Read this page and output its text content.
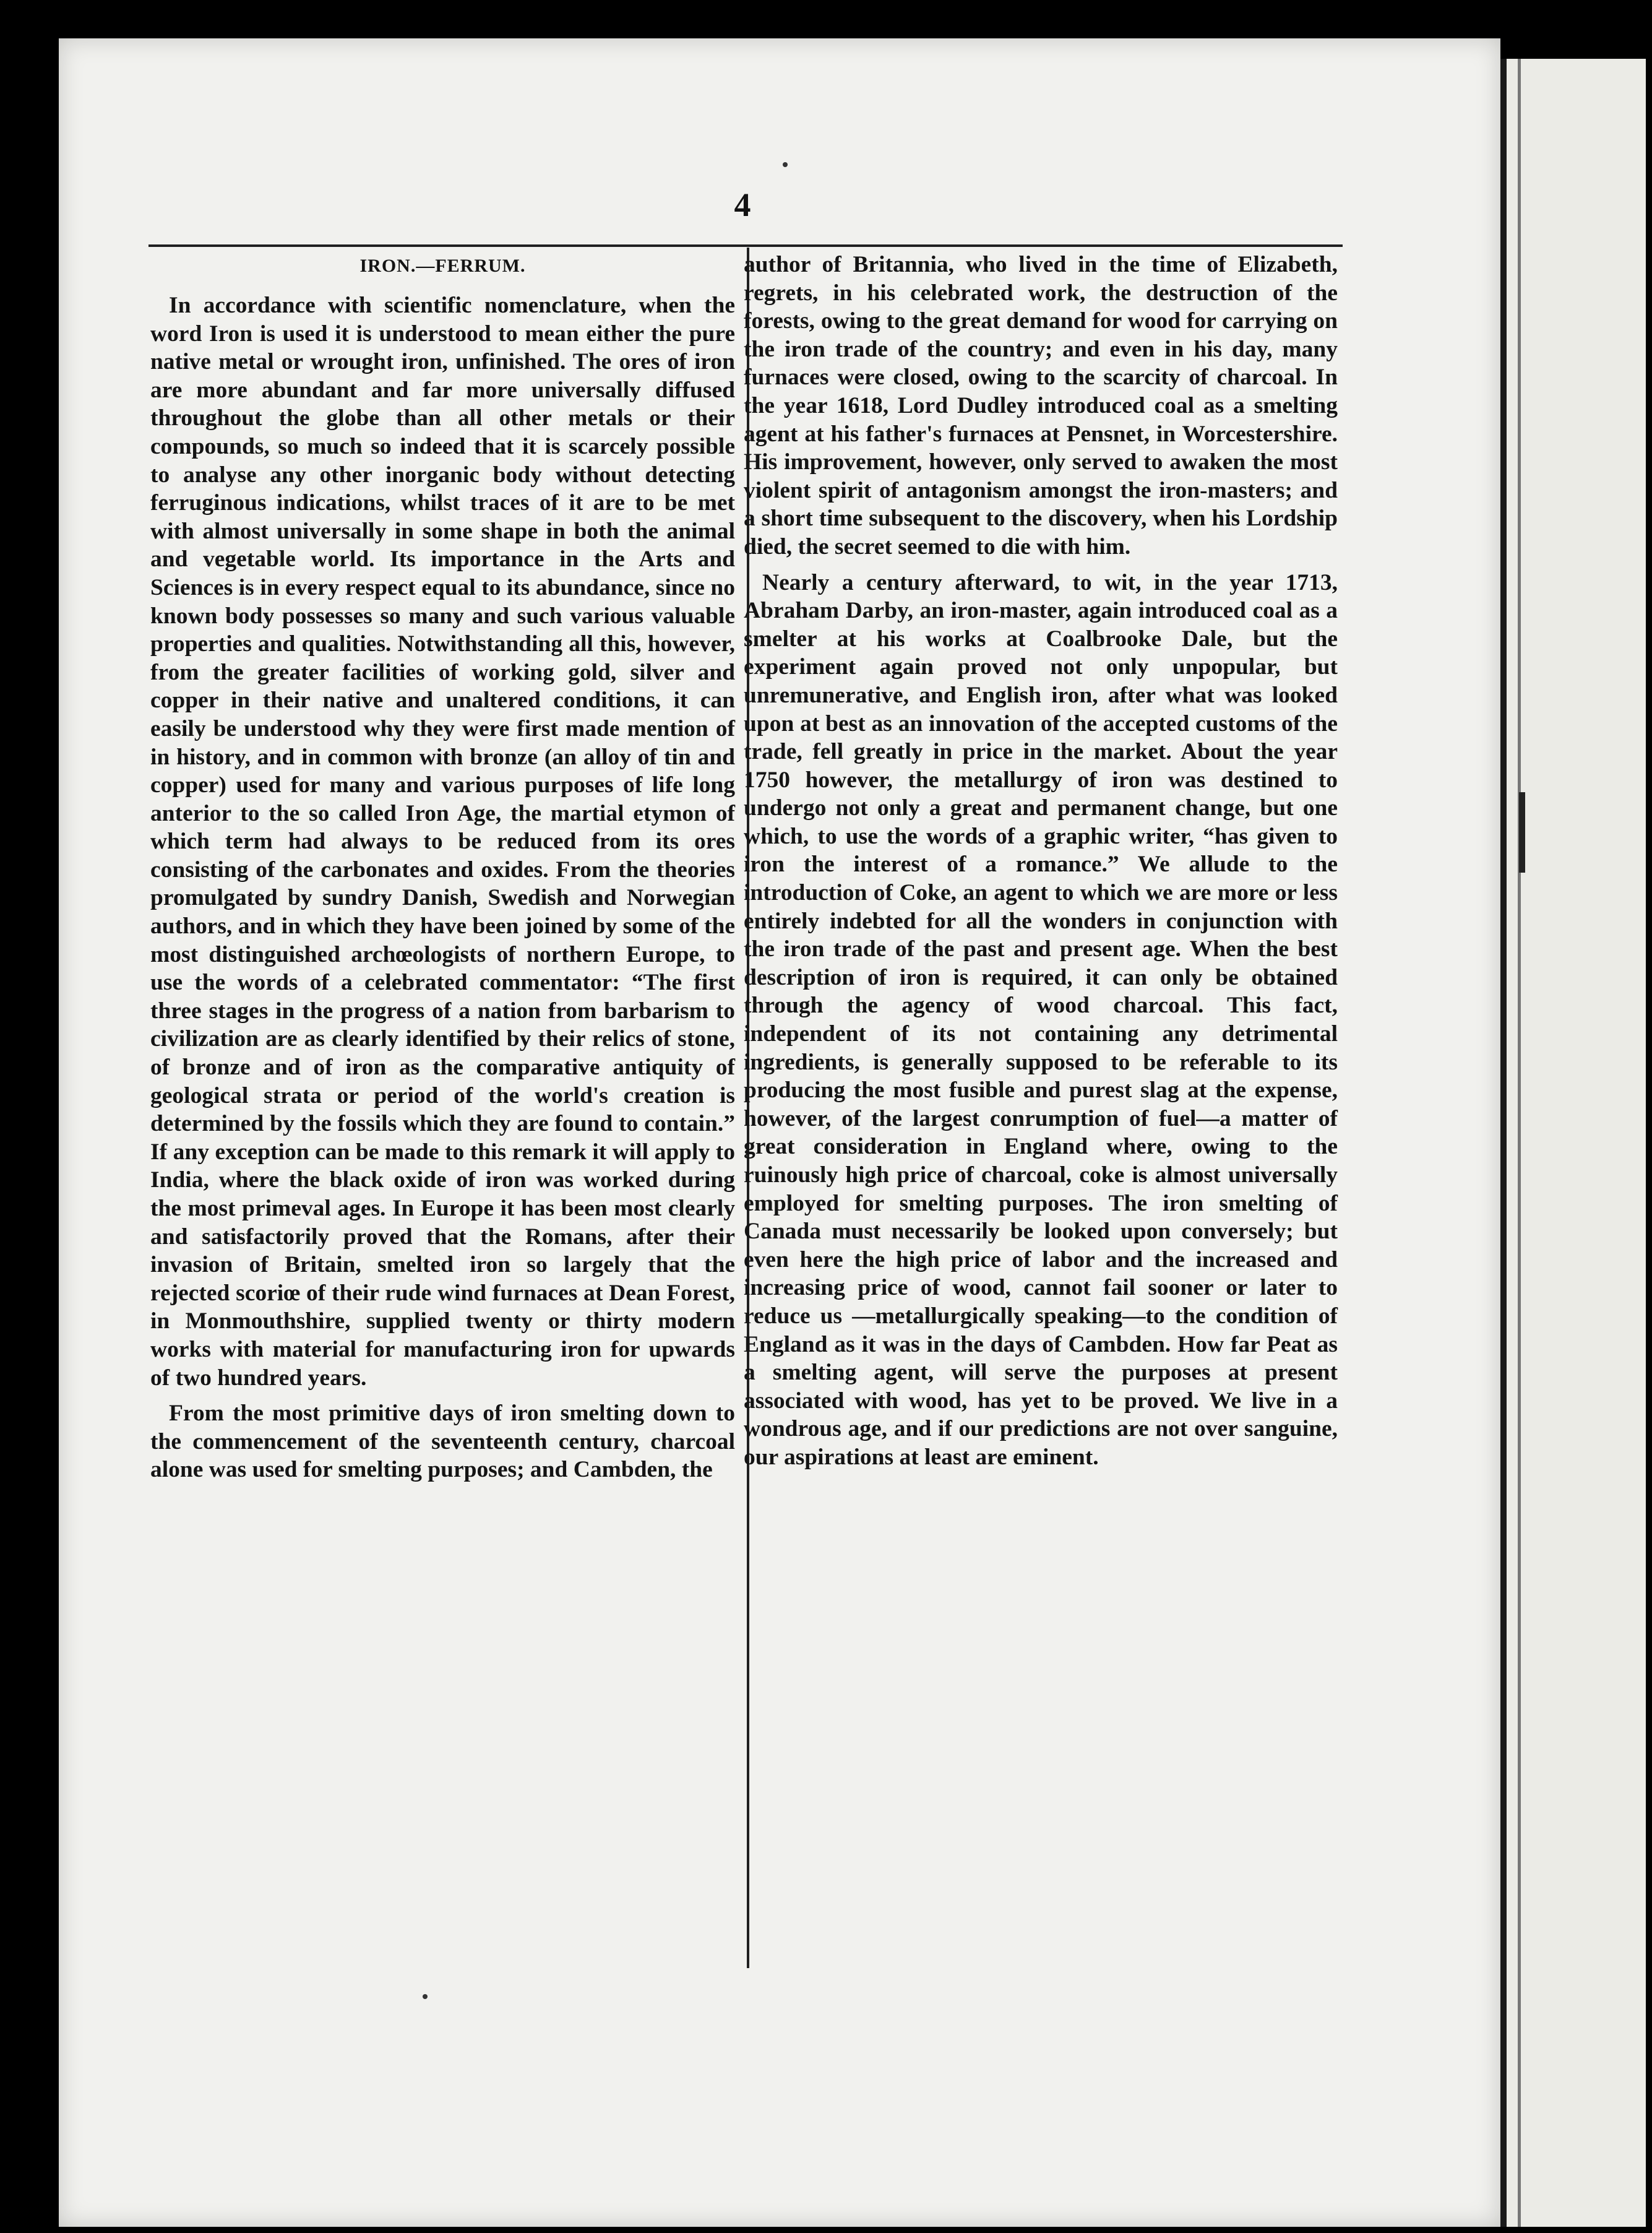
4
IRON.—FERRUM.

In accordance with scientific nomenclature, when the word Iron is used it is understood to mean either the pure native metal or wrought iron, unfinished. The ores of iron are more abundant and far more universally diffused throughout the globe than all other metals or their compounds, so much so indeed that it is scarcely possible to analyse any other inorganic body without detecting ferruginous indications, whilst traces of it are to be met with almost universally in some shape in both the animal and vegetable world. Its importance in the Arts and Sciences is in every respect equal to its abundance, since no known body possesses so many and such various valuable properties and qualities. Notwithstanding all this, however, from the greater facilities of working gold, silver and copper in their native and unaltered conditions, it can easily be understood why they were first made mention of in history, and in common with bronze (an alloy of tin and copper) used for many and various purposes of life long anterior to the so called Iron Age, the martial etymon of which term had always to be reduced from its ores consisting of the carbonates and oxides. From the theories promulgated by sundry Danish, Swedish and Norwegian authors, and in which they have been joined by some of the most distinguished archœologists of northern Europe, to use the words of a celebrated commentator: “The first three stages in the progress of a nation from barbarism to civilization are as clearly identified by their relics of stone, of bronze and of iron as the comparative antiquity of geological strata or period of the world's creation is determined by the fossils which they are found to contain.” If any exception can be made to this remark it will apply to India, where the black oxide of iron was worked during the most primeval ages. In Europe it has been most clearly and satisfactorily proved that the Romans, after their invasion of Britain, smelted iron so largely that the rejected scoriœ of their rude wind furnaces at Dean Forest, in Monmouthshire, supplied twenty or thirty modern works with material for manufacturing iron for upwards of two hundred years.

From the most primitive days of iron smelting down to the commencement of the seventeenth century, charcoal alone was used for smelting purposes; and Cambden, the

author of Britannia, who lived in the time of Elizabeth, regrets, in his celebrated work, the destruction of the forests, owing to the great demand for wood for carrying on the iron trade of the country; and even in his day, many furnaces were closed, owing to the scarcity of charcoal. In the year 1618, Lord Dudley introduced coal as a smelting agent at his father's furnaces at Pensnet, in Worcestershire. His improvement, however, only served to awaken the most violent spirit of antagonism amongst the iron-masters; and a short time subsequent to the discovery, when his Lordship died, the secret seemed to die with him.

Nearly a century afterward, to wit, in the year 1713, Abraham Darby, an iron-master, again introduced coal as a smelter at his works at Coalbrooke Dale, but the experiment again proved not only unpopular, but unremunerative, and English iron, after what was looked upon at best as an innovation of the accepted customs of the trade, fell greatly in price in the market. About the year 1750 however, the metallurgy of iron was destined to undergo not only a great and permanent change, but one which, to use the words of a graphic writer, “has given to iron the interest of a romance.” We allude to the introduction of Coke, an agent to which we are more or less entirely indebted for all the wonders in conjunction with the iron trade of the past and present age. When the best description of iron is required, it can only be obtained through the agency of wood charcoal. This fact, independent of its not containing any detrimental ingredients, is generally supposed to be referable to its producing the most fusible and purest slag at the expense, however, of the largest conrumption of fuel—a matter of great consideration in England where, owing to the ruinously high price of charcoal, coke is almost universally employed for smelting purposes. The iron smelting of Canada must necessarily be looked upon conversely; but even here the high price of labor and the increased and increasing price of wood, cannot fail sooner or later to reduce us —metallurgically speaking—to the condition of England as it was in the days of Cambden. How far Peat as a smelting agent, will serve the purposes at present associated with wood, has yet to be proved. We live in a wondrous age, and if our predictions are not over sanguine, our aspirations at least are eminent.
